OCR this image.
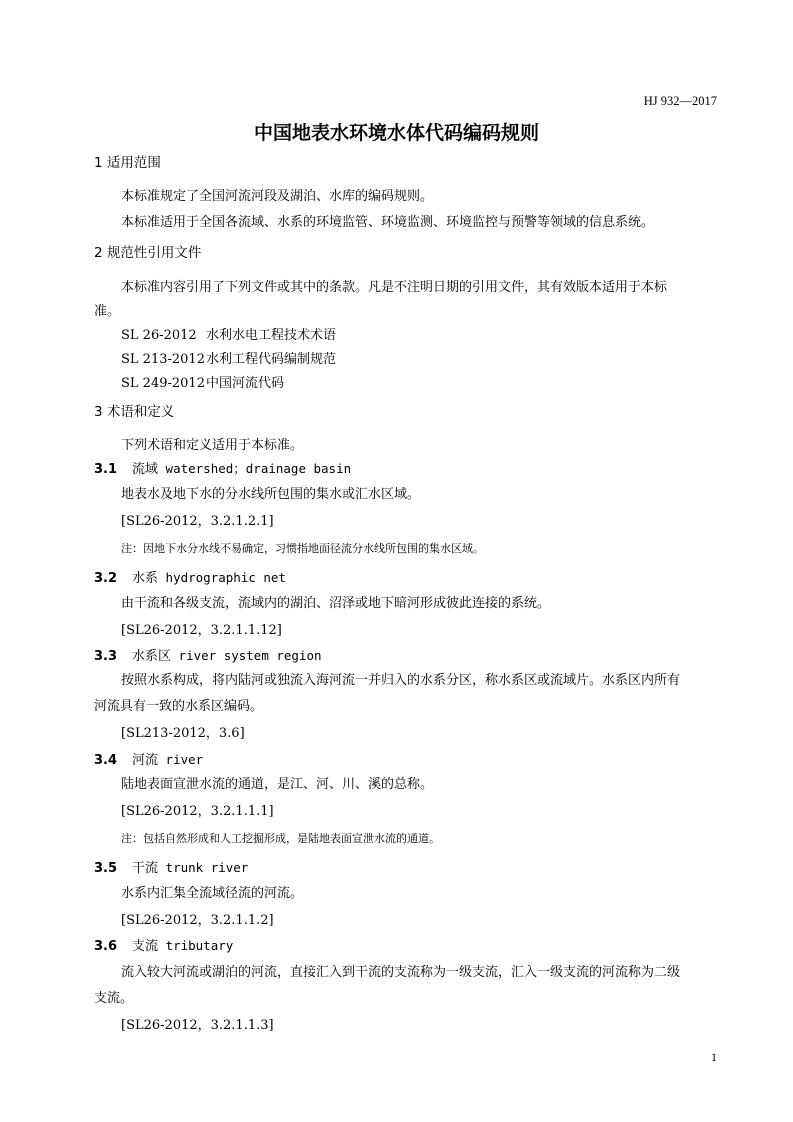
HJ 932—2017
中国地表水环境水体代码编码规则
1 适用范围
本标准规定了全国河流河段及湖泊、水库的编码规则。
本标准适用于全国各流域、水系的环境监管、环境监测、环境监控与预警等领域的信息系统。
2 规范性引用文件
本标准内容引用了下列文件或其中的条款。凡是不注明日期的引用文件，其有效版本适用于本标
准。
SL 26-2012 水利水电工程技术术语
SL 213-2012水利工程代码编制规范
SL 249-2012中国河流代码
3 术语和定义
下列术语和定义适用于本标准。
3.1 流域 watershed；drainage basin
地表水及地下水的分水线所包围的集水或汇水区域。
[SL26-2012，3.2.1.2.1]
注：因地下水分水线不易确定，习惯指地面径流分水线所包围的集水区域。
3.2 水系 hydrographic net
由干流和各级支流，流域内的湖泊、沼泽或地下暗河形成彼此连接的系统。
[SL26-2012，3.2.1.1.12]
3.3 水系区 river system region
按照水系构成，将内陆河或独流入海河流一并归入的水系分区，称水系区或流域片。水系区内所有
河流具有一致的水系区编码。
[SL213-2012，3.6]
3.4 河流 river
陆地表面宣泄水流的通道，是江、河、川、溪的总称。
[SL26-2012，3.2.1.1.1]
注：包括自然形成和人工挖掘形成，是陆地表面宣泄水流的通道。
3.5 干流 trunk river
水系内汇集全流域径流的河流。
[SL26-2012，3.2.1.1.2]
3.6 支流 tributary
流入较大河流或湖泊的河流，直接汇入到干流的支流称为一级支流，汇入一级支流的河流称为二级
支流。
[SL26-2012，3.2.1.1.3]
1
